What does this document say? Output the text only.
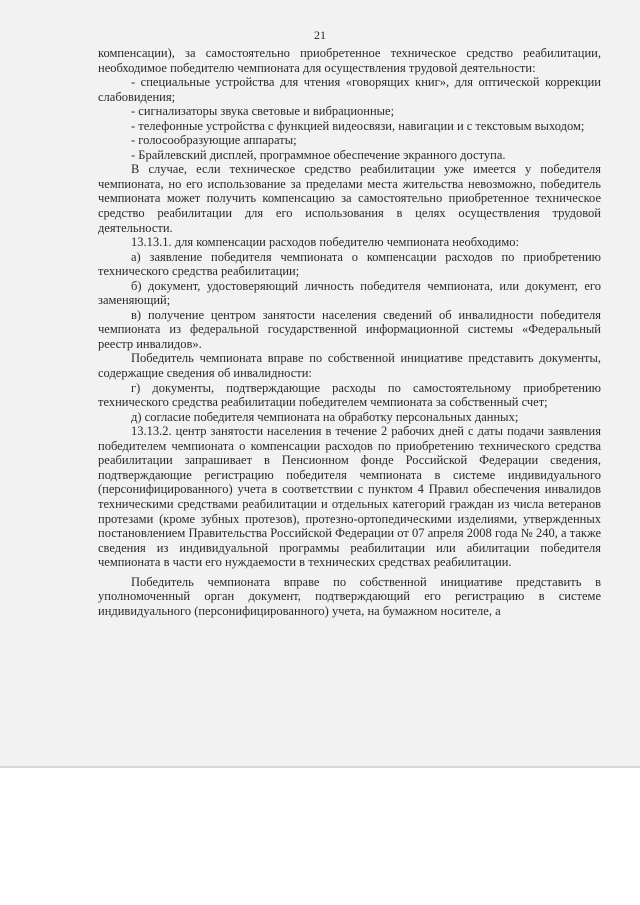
21

компенсации), за самостоятельно приобретенное техническое средство реабилитации, необходимое победителю чемпионата для осуществления трудовой деятельности:

- специальные устройства для чтения «говорящих книг», для оптической коррекции слабовидения;

- сигнализаторы звука световые и вибрационные;

- телефонные устройства с функцией видеосвязи, навигации и с текстовым выходом;

- голосообразующие аппараты;

- Брайлевский дисплей, программное обеспечение экранного доступа.

В случае, если техническое средство реабилитации уже имеется у победителя чемпионата, но его использование за пределами места жительства невозможно, победитель чемпионата может получить компенсацию за самостоятельно приобретенное техническое средство реабилитации для его использования в целях осуществления трудовой деятельности.

13.13.1. для компенсации расходов победителю чемпионата необходимо:

а) заявление победителя чемпионата о компенсации расходов по приобретению технического средства реабилитации;

б) документ, удостоверяющий личность победителя чемпионата, или документ, его заменяющий;

в) получение центром занятости населения сведений об инвалидности победителя чемпионата из федеральной государственной информационной системы «Федеральный реестр инвалидов».

Победитель чемпионата вправе по собственной инициативе представить документы, содержащие сведения об инвалидности:

г) документы, подтверждающие расходы по самостоятельному приобретению технического средства реабилитации победителем чемпионата за собственный счет;

д) согласие победителя чемпионата на обработку персональных данных;

13.13.2. центр занятости населения в течение 2 рабочих дней с даты подачи заявления победителем чемпионата о компенсации расходов по приобретению технического средства реабилитации запрашивает в Пенсионном фонде Российской Федерации сведения, подтверждающие регистрацию победителя чемпионата в системе индивидуального (персонифицированного) учета в соответствии с пунктом 4 Правил обеспечения инвалидов техническими средствами реабилитации и отдельных категорий граждан из числа ветеранов протезами (кроме зубных протезов), протезно-ортопедическими изделиями, утвержденных постановлением Правительства Российской Федерации от 07 апреля 2008 года № 240, а также сведения из индивидуальной программы реабилитации или абилитации победителя чемпионата в части его нуждаемости в технических средствах реабилитации.

Победитель чемпионата вправе по собственной инициативе представить в уполномоченный орган документ, подтверждающий его регистрацию в системе индивидуального (персонифицированного) учета, на бумажном носителе, а
